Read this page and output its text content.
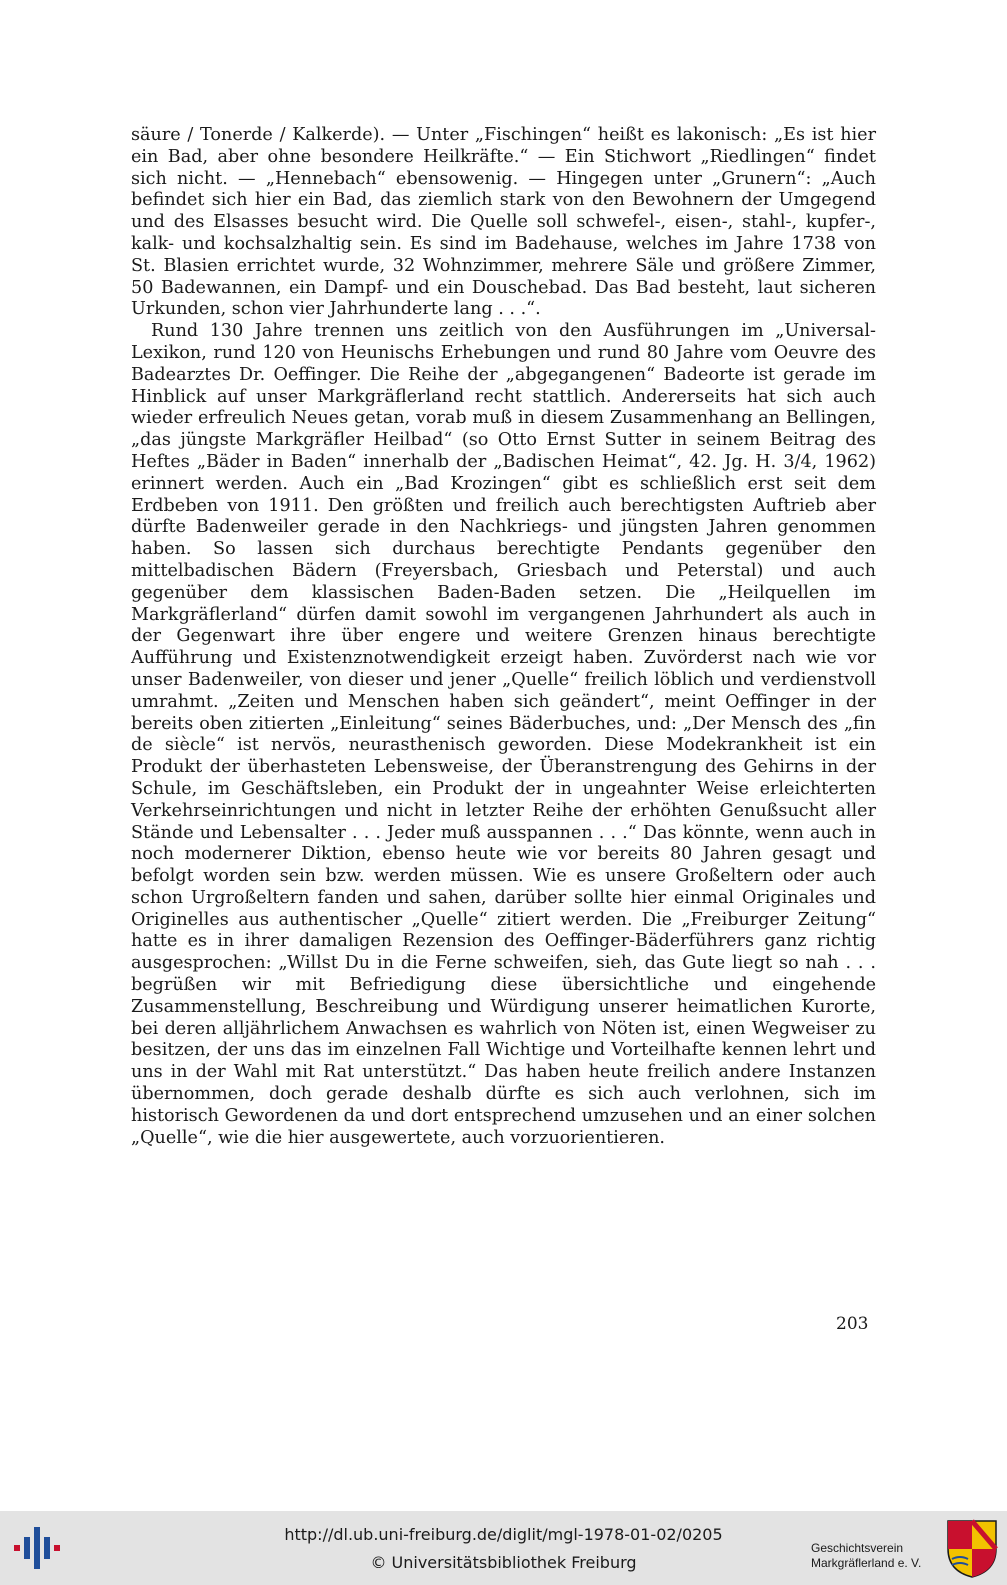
säure / Tonerde / Kalkerde). — Unter „Fischingen“ heißt es lakonisch: „Es ist hier ein Bad, aber ohne besondere Heilkräfte.“ — Ein Stichwort „Riedlingen“ findet sich nicht. — „Hennebach“ ebensowenig. — Hingegen unter „Grunern“: „Auch befindet sich hier ein Bad, das ziemlich stark von den Bewohnern der Umgegend und des Elsasses besucht wird. Die Quelle soll schwefel-, eisen-, stahl-, kupfer-, kalk- und kochsalzhaltig sein. Es sind im Badehause, welches im Jahre 1738 von St. Blasien errichtet wurde, 32 Wohnzimmer, mehrere Säle und größere Zimmer, 50 Badewannen, ein Dampf- und ein Douschebad. Das Bad besteht, laut sicheren Urkunden, schon vier Jahrhunderte lang . . .“.

Rund 130 Jahre trennen uns zeitlich von den Ausführungen im „Universal-Lexikon, rund 120 von Heunischs Erhebungen und rund 80 Jahre vom Oeuvre des Badearztes Dr. Oeffinger. Die Reihe der „abgegangenen“ Badeorte ist gerade im Hinblick auf unser Markgräflerland recht stattlich. Andererseits hat sich auch wieder erfreulich Neues getan, vorab muß in diesem Zusammenhang an Bellingen, „das jüngste Markgräfler Heilbad“ (so Otto Ernst Sutter in seinem Beitrag des Heftes „Bäder in Baden“ innerhalb der „Badischen Heimat“, 42. Jg. H. 3/4, 1962) erinnert werden. Auch ein „Bad Krozingen“ gibt es schließlich erst seit dem Erdbeben von 1911. Den größten und freilich auch berechtigsten Auftrieb aber dürfte Badenweiler gerade in den Nachkriegs- und jüngsten Jahren genommen haben. So lassen sich durchaus berechtigte Pendants gegenüber den mittelbadischen Bädern (Freyersbach, Griesbach und Peterstal) und auch gegenüber dem klassischen Baden-Baden setzen. Die „Heilquellen im Markgräflerland“ dürfen damit sowohl im vergangenen Jahrhundert als auch in der Gegenwart ihre über engere und weitere Grenzen hinaus berechtigte Aufführung und Existenznotwendigkeit erzeigt haben. Zuvörderst nach wie vor unser Badenweiler, von dieser und jener „Quelle“ freilich löblich und verdienstvoll umrahmt. „Zeiten und Menschen haben sich geändert“, meint Oeffinger in der bereits oben zitierten „Einleitung“ seines Bäderbuches, und: „Der Mensch des „fin de siècle“ ist nervös, neurasthenisch geworden. Diese Modekrankheit ist ein Produkt der überhasteten Lebensweise, der Überanstrengung des Gehirns in der Schule, im Geschäftsleben, ein Produkt der in ungeahnter Weise erleichterten Verkehrseinrichtungen und nicht in letzter Reihe der erhöhten Genußsucht aller Stände und Lebensalter . . . Jeder muß ausspannen . . .“ Das könnte, wenn auch in noch modernerer Diktion, ebenso heute wie vor bereits 80 Jahren gesagt und befolgt worden sein bzw. werden müssen. Wie es unsere Großeltern oder auch schon Urgroßeltern fanden und sahen, darüber sollte hier einmal Originales und Originelles aus authentischer „Quelle“ zitiert werden. Die „Freiburger Zeitung“ hatte es in ihrer damaligen Rezension des Oeffinger-Bäderführers ganz richtig ausgesprochen: „Willst Du in die Ferne schweifen, sieh, das Gute liegt so nah . . . begrüßen wir mit Befriedigung diese übersichtliche und eingehende Zusammenstellung, Beschreibung und Würdigung unserer heimatlichen Kurorte, bei deren alljährlichem Anwachsen es wahrlich von Nöten ist, einen Wegweiser zu besitzen, der uns das im einzelnen Fall Wichtige und Vorteilhafte kennen lehrt und uns in der Wahl mit Rat unterstützt.“ Das haben heute freilich andere Instanzen übernommen, doch gerade deshalb dürfte es sich auch verlohnen, sich im historisch Gewordenen da und dort entsprechend umzusehen und an einer solchen „Quelle“, wie die hier ausgewertete, auch vorzuorientieren.

203
http://dl.ub.uni-freiburg.de/diglit/mgl-1978-01-02/0205
© Universitätsbibliothek Freiburg
Geschichtsverein
Markgräflerland e. V.
